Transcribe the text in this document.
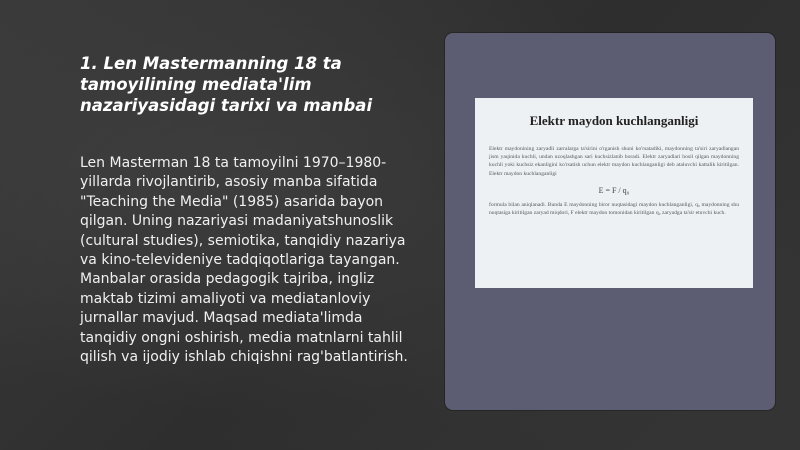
1. Len Mastermanning 18 ta tamoyilining mediata'lim nazariyasidagi tarixi va manbai
Len Masterman 18 ta tamoyilni 1970–1980-yillarda rivojlantirib, asosiy manba sifatida "Teaching the Media" (1985) asarida bayon qilgan. Uning nazariyasi madaniyatshunoslik (cultural studies), semiotika, tanqidiy nazariya va kino-televideniye tadqiqotlariga tayangan. Manbalar orasida pedagogik tajriba, ingliz maktab tizimi amaliyoti va mediatanloviy jurnallar mavjud. Maqsad mediata'limda tanqidiy ongni oshirish, media matnlarni tahlil qilish va ijodiy ishlab chiqishni rag'batlantirish.
Elektr maydon kuchlanganligi
Elektr maydonining zaryadli zarralarga ta'sirini o'rganish shuni ko'rsatadiki, maydonning ta'siri zaryadlangan jism yaqinida kuchli, undan uzoqlashgan sari kuchsizlanib boradi. Elektr zaryadlari hosil qilgan maydonning kuchli yoki kuchsiz ekanligini ko'rsatish uchun elektr maydon kuchlanganligi deb ataluvchi kattalik kiritilgan. Elektr maydon kuchlanganligi
E = F / q₀
formula bilan aniqlanadi. Bunda E maydonning biror nuqtasidagi maydon kuchlanganligi, q₀ maydonning shu nuqtasiga kiritilgan zaryad miqdori, F elektr maydon tomonidan kiritilgan q₀ zaryadga ta'sir etuvchi kuch.
